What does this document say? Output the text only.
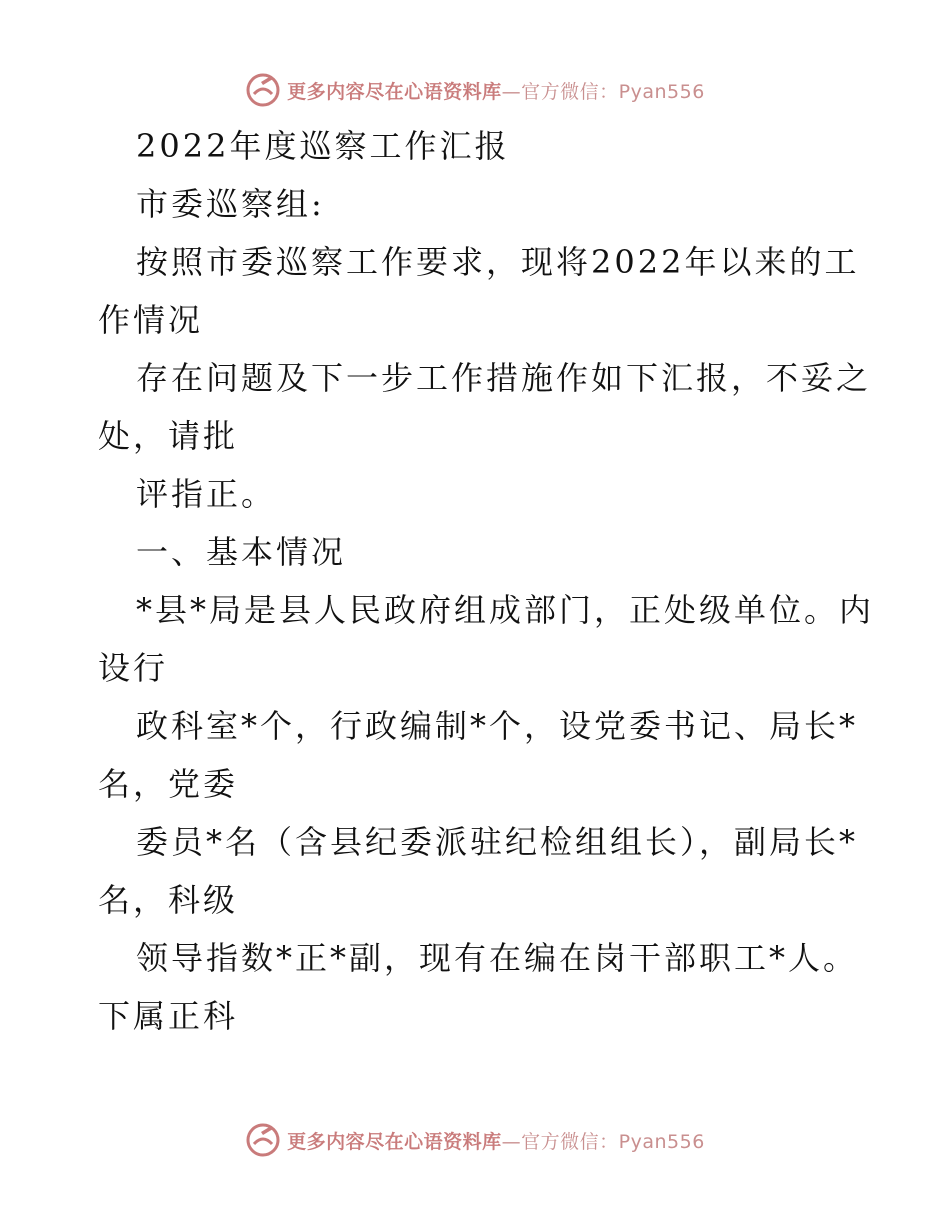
更多内容尽在心语资料库—官方微信：Pyan556
2022年度巡察工作汇报
市委巡察组:
按照市委巡察工作要求，现将2022年以来的工
作情况
存在问题及下一步工作措施作如下汇报，不妥之
处，请批
评指正。
一、基本情况
*县*局是县人民政府组成部门，正处级单位。内
设行
政科室*个，行政编制*个，设党委书记、局长*
名，党委
委员*名（含县纪委派驻纪检组组长），副局长*
名，科级
领导指数*正*副，现有在编在岗干部职工*人。
下属正科
更多内容尽在心语资料库—官方微信：Pyan556
